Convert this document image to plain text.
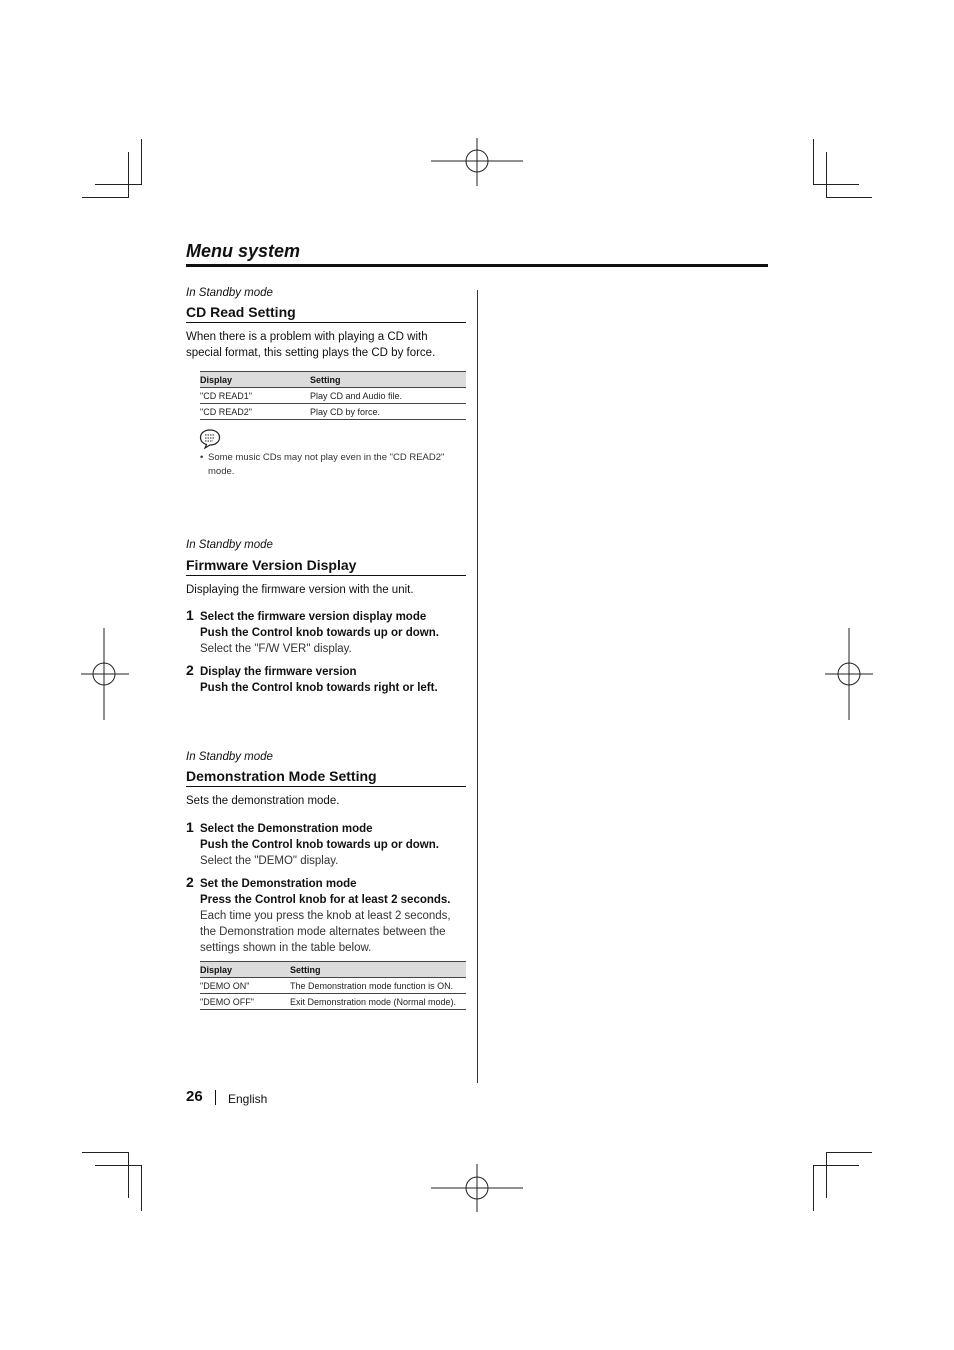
Menu system
In Standby mode
CD Read Setting
When there is a problem with playing a CD with special format, this setting plays the CD by force.
Display	Setting
"CD READ1"	Play CD and Audio file.
"CD READ2"	Play CD by force.
• Some music CDs may not play even in the "CD READ2" mode.
In Standby mode
Firmware Version Display
Displaying the firmware version with the unit.
1 Select the firmware version display mode
Push the Control knob towards up or down.
Select the "F/W VER" display.
2 Display the firmware version
Push the Control knob towards right or left.
In Standby mode
Demonstration Mode Setting
Sets the demonstration mode.
1 Select the Demonstration mode
Push the Control knob towards up or down.
Select the "DEMO" display.
2 Set the Demonstration mode
Press the Control knob for at least 2 seconds.
Each time you press the knob at least 2 seconds, the Demonstration mode alternates between the settings shown in the table below.
Display	Setting
"DEMO ON"	The Demonstration mode function is ON.
"DEMO OFF"	Exit Demonstration mode (Normal mode).
26 English
